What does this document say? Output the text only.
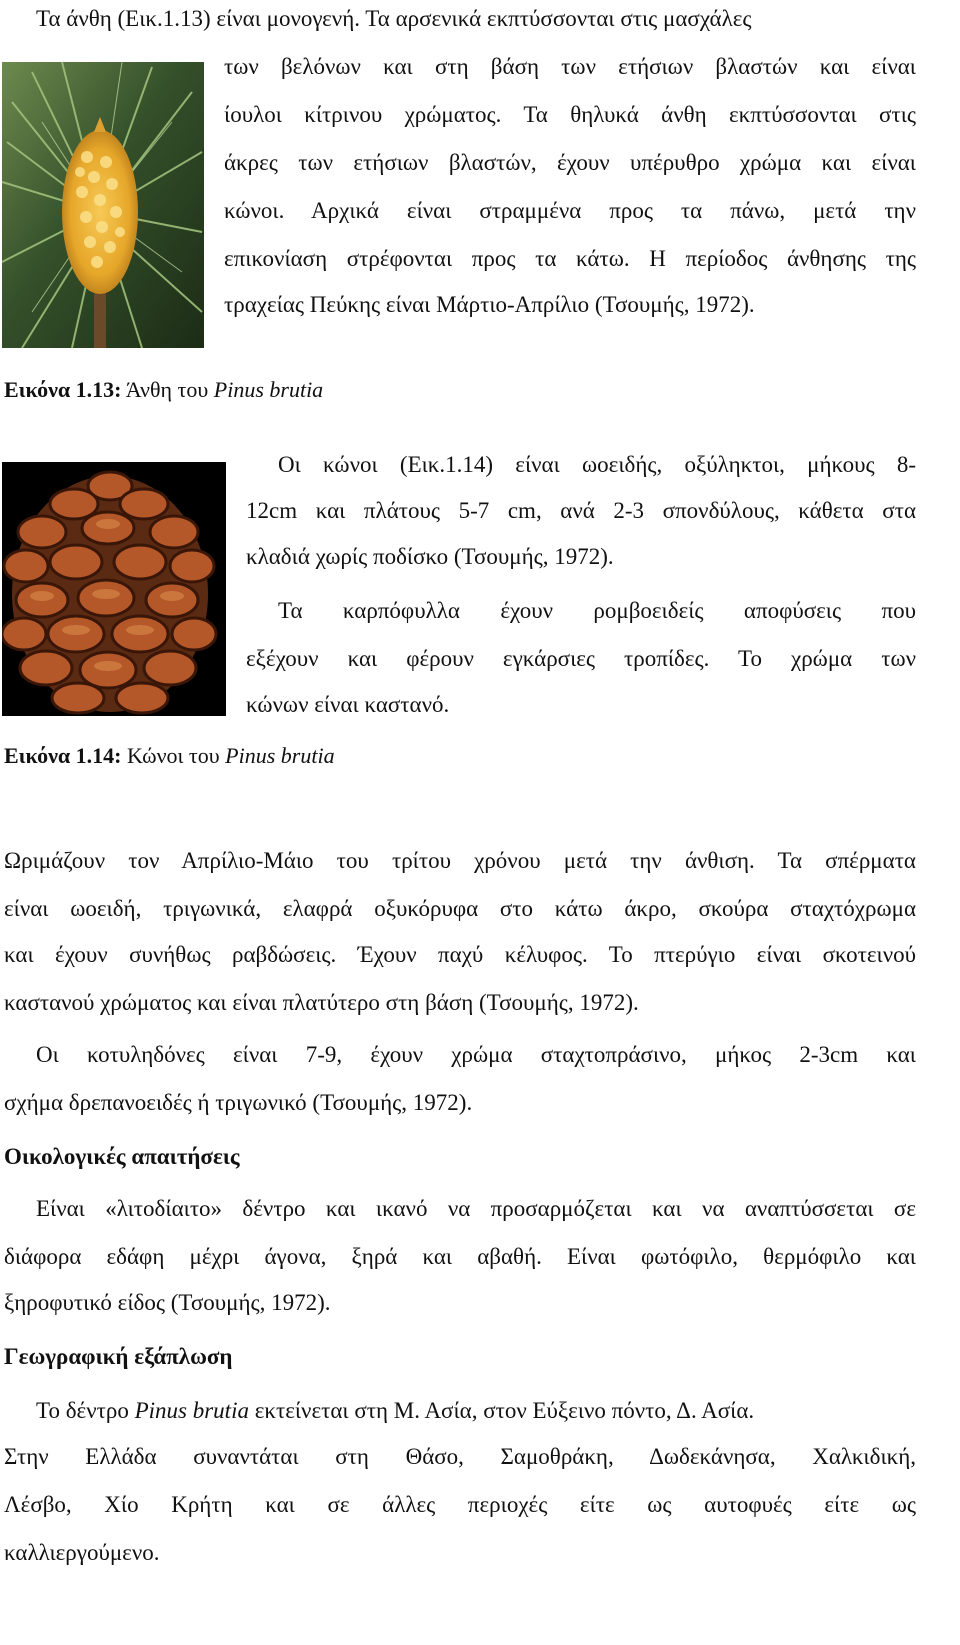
Τα άνθη (Εικ.1.13) είναι μονογενή. Τα αρσενικά εκπτύσσονται στις μασχάλες
των βελόνων και στη βάση των ετήσιων βλαστών και είναι
ίουλοι κίτρινου χρώματος. Τα θηλυκά άνθη εκπτύσσονται στις
άκρες των ετήσιων βλαστών, έχουν υπέρυθρο χρώμα και είναι
κώνοι. Αρχικά είναι στραμμένα προς τα πάνω, μετά την
επικονίαση στρέφονται προς τα κάτω. Η περίοδος άνθησης της
τραχείας Πεύκης είναι Μάρτιο-Απρίλιο (Τσουμής, 1972).
Εικόνα 1.13: Άνθη του Pinus brutia
Οι κώνοι (Εικ.1.14) είναι ωοειδής, οξύληκτοι, μήκους 8-
12cm και πλάτους 5-7 cm, ανά 2-3 σπονδύλους, κάθετα στα
κλαδιά χωρίς ποδίσκο (Τσουμής, 1972).
Τα καρπόφυλλα έχουν ρομβοειδείς αποφύσεις που
εξέχουν και φέρουν εγκάρσιες τροπίδες. Το χρώμα των
κώνων είναι καστανό.
Εικόνα 1.14: Κώνοι του Pinus brutia
Ωριμάζουν τον Απρίλιο-Μάιο του τρίτου χρόνου μετά την άνθιση. Τα σπέρματα
είναι ωοειδή, τριγωνικά, ελαφρά οξυκόρυφα στο κάτω άκρο, σκούρα σταχτόχρωμα
και έχουν συνήθως ραβδώσεις. Έχουν παχύ κέλυφος. Το πτερύγιο είναι σκοτεινού
καστανού χρώματος και είναι πλατύτερο στη βάση (Τσουμής, 1972).
Οι κοτυληδόνες είναι 7-9, έχουν χρώμα σταχτοπράσινο, μήκος 2-3cm και
σχήμα δρεπανοειδές ή τριγωνικό (Τσουμής, 1972).
Οικολογικές απαιτήσεις
Είναι «λιτοδίαιτο» δέντρο και ικανό να προσαρμόζεται και να αναπτύσσεται σε
διάφορα εδάφη μέχρι άγονα, ξηρά και αβαθή. Είναι φωτόφιλο, θερμόφιλο και
ξηροφυτικό είδος (Τσουμής, 1972).
Γεωγραφική εξάπλωση
Το δέντρο Pinus brutia εκτείνεται στη Μ. Ασία, στον Εύξεινο πόντο, Δ. Ασία.
Στην Ελλάδα συναντάται στη Θάσο, Σαμοθράκη, Δωδεκάνησα, Χαλκιδική,
Λέσβο, Χίο Κρήτη και σε άλλες περιοχές είτε ως αυτοφυές είτε ως
καλλιεργούμενο.
